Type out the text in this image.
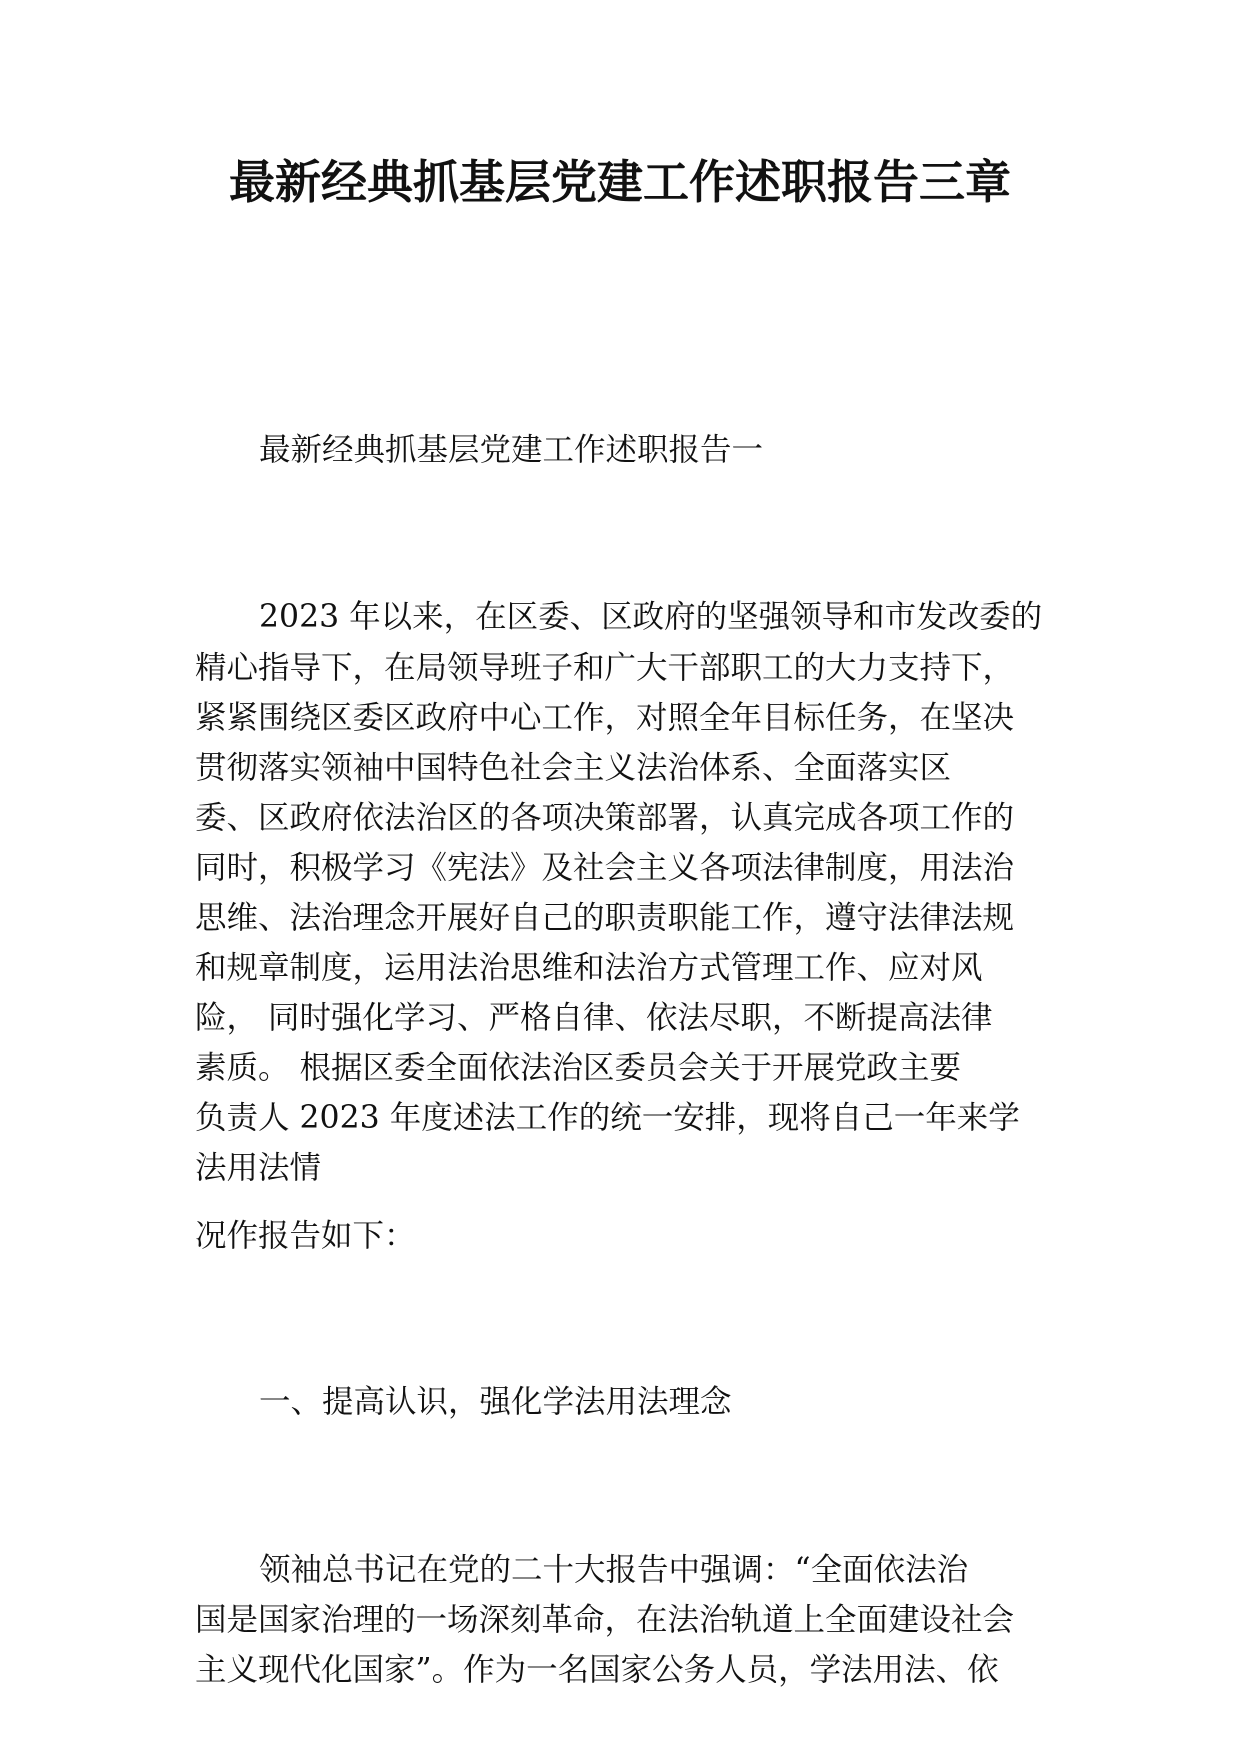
最新经典抓基层党建工作述职报告三章

最新经典抓基层党建工作述职报告一

2023 年以来，在区委、区政府的坚强领导和市发改委的

精心指导下，在局领导班子和广大干部职工的大力支持下，

紧紧围绕区委区政府中心工作，对照全年目标任务，在坚决

贯彻落实领袖中国特色社会主义法治体系、全面落实区

委、区政府依法治区的各项决策部署，认真完成各项工作的

同时，积极学习《宪法》及社会主义各项法律制度，用法治

思维、法治理念开展好自己的职责职能工作，遵守法律法规

和规章制度，运用法治思维和法治方式管理工作、应对风

险， 同时强化学习、严格自律、依法尽职，不断提高法律

素质。 根据区委全面依法治区委员会关于开展党政主要

负责人 2023 年度述法工作的统一安排，现将自己一年来学

法用法情

况作报告如下：

一、提高认识，强化学法用法理念

领袖总书记在党的二十大报告中强调：“全面依法治

国是国家治理的一场深刻革命，在法治轨道上全面建设社会

主义现代化国家”。作为一名国家公务人员，学法用法、依
